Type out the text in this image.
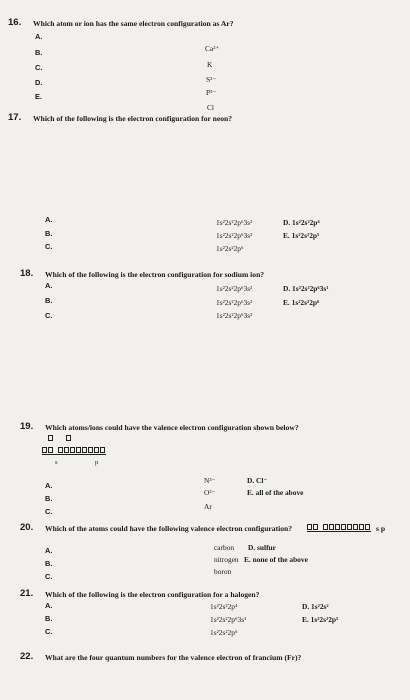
16. Which atom or ion has the same electron configuration as Ar?
A.
B.
C.
D.
E.
Ca²⁺
K
S²⁻
P³⁻
Cl
17. Which of the following is the electron configuration for neon?
A.
B.
C.
1s²2s²2p⁶3s²
1s²2s²2p⁶3s²
1s²2s²2p⁶
D. 1s²2s²2p⁴
E. 1s²2s²2p⁵
18. Which of the following is the electron configuration for sodium ion?
A.
B.
C.
1s²2s²2p⁶3s²
1s²2s²2p⁶3s²
1s²2s²2p⁶3s²
D. 1s²2s²2p⁶3s¹
E. 1s²2s²2p⁶
19. Which atoms/ions could have the valence electron configuration shown below?
s	p
A.
B.
C.
N³⁻
O²⁻
Ar
D. Cl⁻
E. all of the above
20. Which of the atoms could have the following valence electron configuration?	s p
A.
B.
C.
carbon
nitrogen
boron
D. sulfur
E. none of the above
21. Which of the following is the electron configuration for a halogen?
A.
B.
C.
1s²2s²2p⁴
1s²2s²2p⁶3s¹
1s²2s²2p⁶
D. 1s²2s²
E. 1s²2s²2p⁵
22. What are the four quantum numbers for the valence electron of francium (Fr)?
